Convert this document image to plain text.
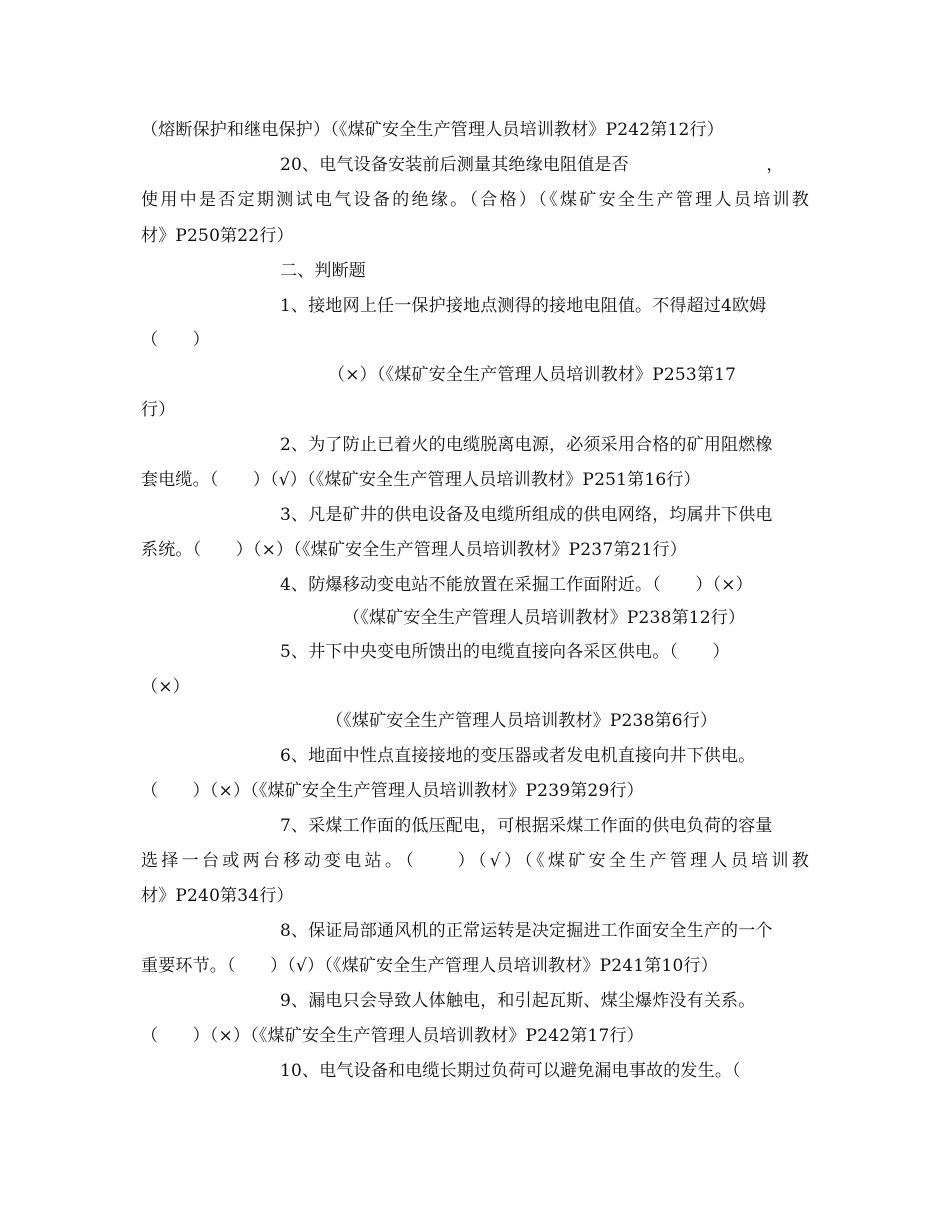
（熔断保护和继电保护）（《煤矿安全生产管理人员培训教材》P242第12行）
20、电气设备安装前后测量其绝缘电阻值是否　　　　　　　　，
使用中是否定期测试电气设备的绝缘。（合格）（《煤矿安全生产管理人员培训教
材》P250第22行）
二、判断题
1、接地网上任一保护接地点测得的接地电阻值。不得超过4欧姆
（　　）
（×）（《煤矿安全生产管理人员培训教材》P253第17
行）
2、为了防止已着火的电缆脱离电源，必须采用合格的矿用阻燃橡
套电缆。（　　）（√）（《煤矿安全生产管理人员培训教材》P251第16行）
3、凡是矿井的供电设备及电缆所组成的供电网络，均属井下供电
系统。（　　）（×）（《煤矿安全生产管理人员培训教材》P237第21行）
4、防爆移动变电站不能放置在采掘工作面附近。（　　）（×）
（《煤矿安全生产管理人员培训教材》P238第12行）
5、井下中央变电所馈出的电缆直接向各采区供电。（　　）
（×）
（《煤矿安全生产管理人员培训教材》P238第6行）
6、地面中性点直接接地的变压器或者发电机直接向井下供电。
（　　）（×）（《煤矿安全生产管理人员培训教材》P239第29行）
7、采煤工作面的低压配电，可根据采煤工作面的供电负荷的容量
选择一台或两台移动变电站。（　　）（√）（《煤矿安全生产管理人员培训教
材》P240第34行）
8、保证局部通风机的正常运转是决定掘进工作面安全生产的一个
重要环节。（　　）（√）（《煤矿安全生产管理人员培训教材》P241第10行）
9、漏电只会导致人体触电，和引起瓦斯、煤尘爆炸没有关系。
（　　）（×）（《煤矿安全生产管理人员培训教材》P242第17行）
10、电气设备和电缆长期过负荷可以避免漏电事故的发生。（
